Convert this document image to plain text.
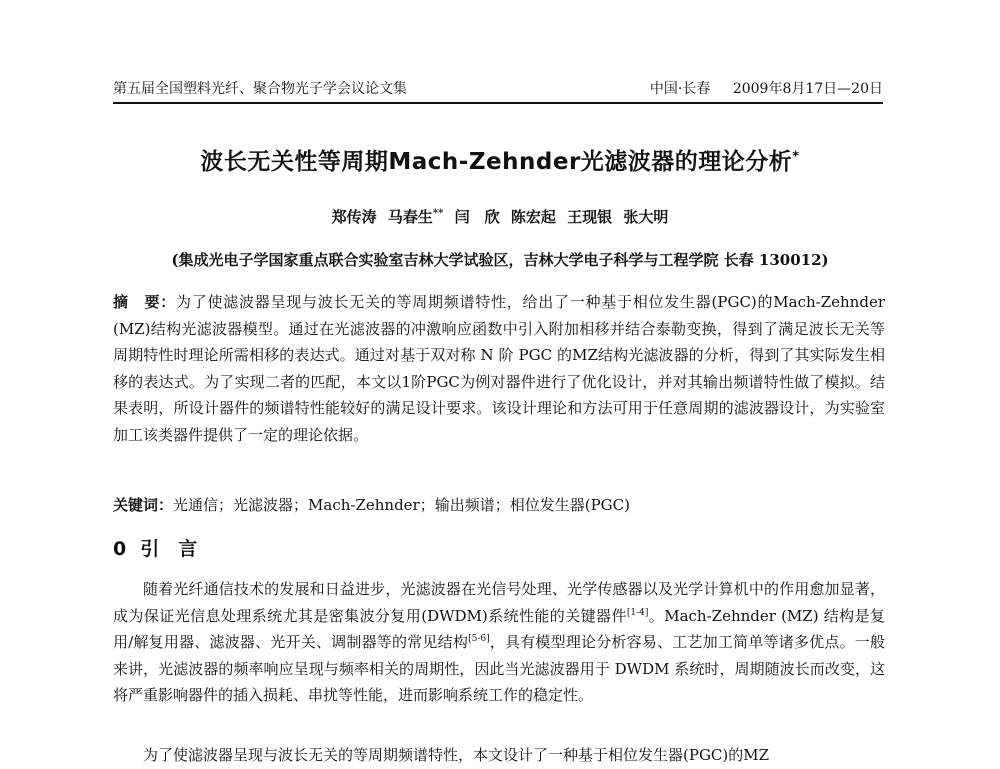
第五届全国塑料光纤、聚合物光子学会议论文集	中国·长春 2009年8月17日—20日
波长无关性等周期Mach-Zehnder光滤波器的理论分析*
郑传涛 马春生** 闫　欣 陈宏起 王现银 张大明
(集成光电子学国家重点联合实验室吉林大学试验区，吉林大学电子科学与工程学院 长春 130012)

摘　要：为了使滤波器呈现与波长无关的等周期频谱特性，给出了一种基于相位发生器(PGC)的Mach-Zehnder (MZ)结构光滤波器模型。通过在光滤波器的冲激响应函数中引入附加相移并结合泰勒变换，得到了满足波长无关等周期特性时理论所需相移的表达式。通过对基于双对称 N 阶 PGC 的MZ结构光滤波器的分析，得到了其实际发生相移的表达式。为了实现二者的匹配，本文以1阶PGC为例对器件进行了优化设计，并对其输出频谱特性做了模拟。结果表明，所设计器件的频谱特性能较好的满足设计要求。该设计理论和方法可用于任意周期的滤波器设计，为实验室加工该类器件提供了一定的理论依据。

关键词：光通信；光滤波器；Mach-Zehnder；输出频谱；相位发生器(PGC)

0 引　言

随着光纤通信技术的发展和日益进步，光滤波器在光信号处理、光学传感器以及光学计算机中的作用愈加显著，成为保证光信息处理系统尤其是密集波分复用(DWDM)系统性能的关键器件[1-4]。Mach-Zehnder (MZ) 结构是复用/解复用器、滤波器、光开关、调制器等的常见结构[5-6]，具有模型理论分析容易、工艺加工简单等诸多优点。一般来讲，光滤波器的频率响应呈现与频率相关的周期性，因此当光滤波器用于 DWDM 系统时，周期随波长而改变，这将严重影响器件的插入损耗、串扰等性能，进而影响系统工作的稳定性。

为了使滤波器呈现与波长无关的等周期频谱特性，本文设计了一种基于相位发生器(PGC)的MZ
